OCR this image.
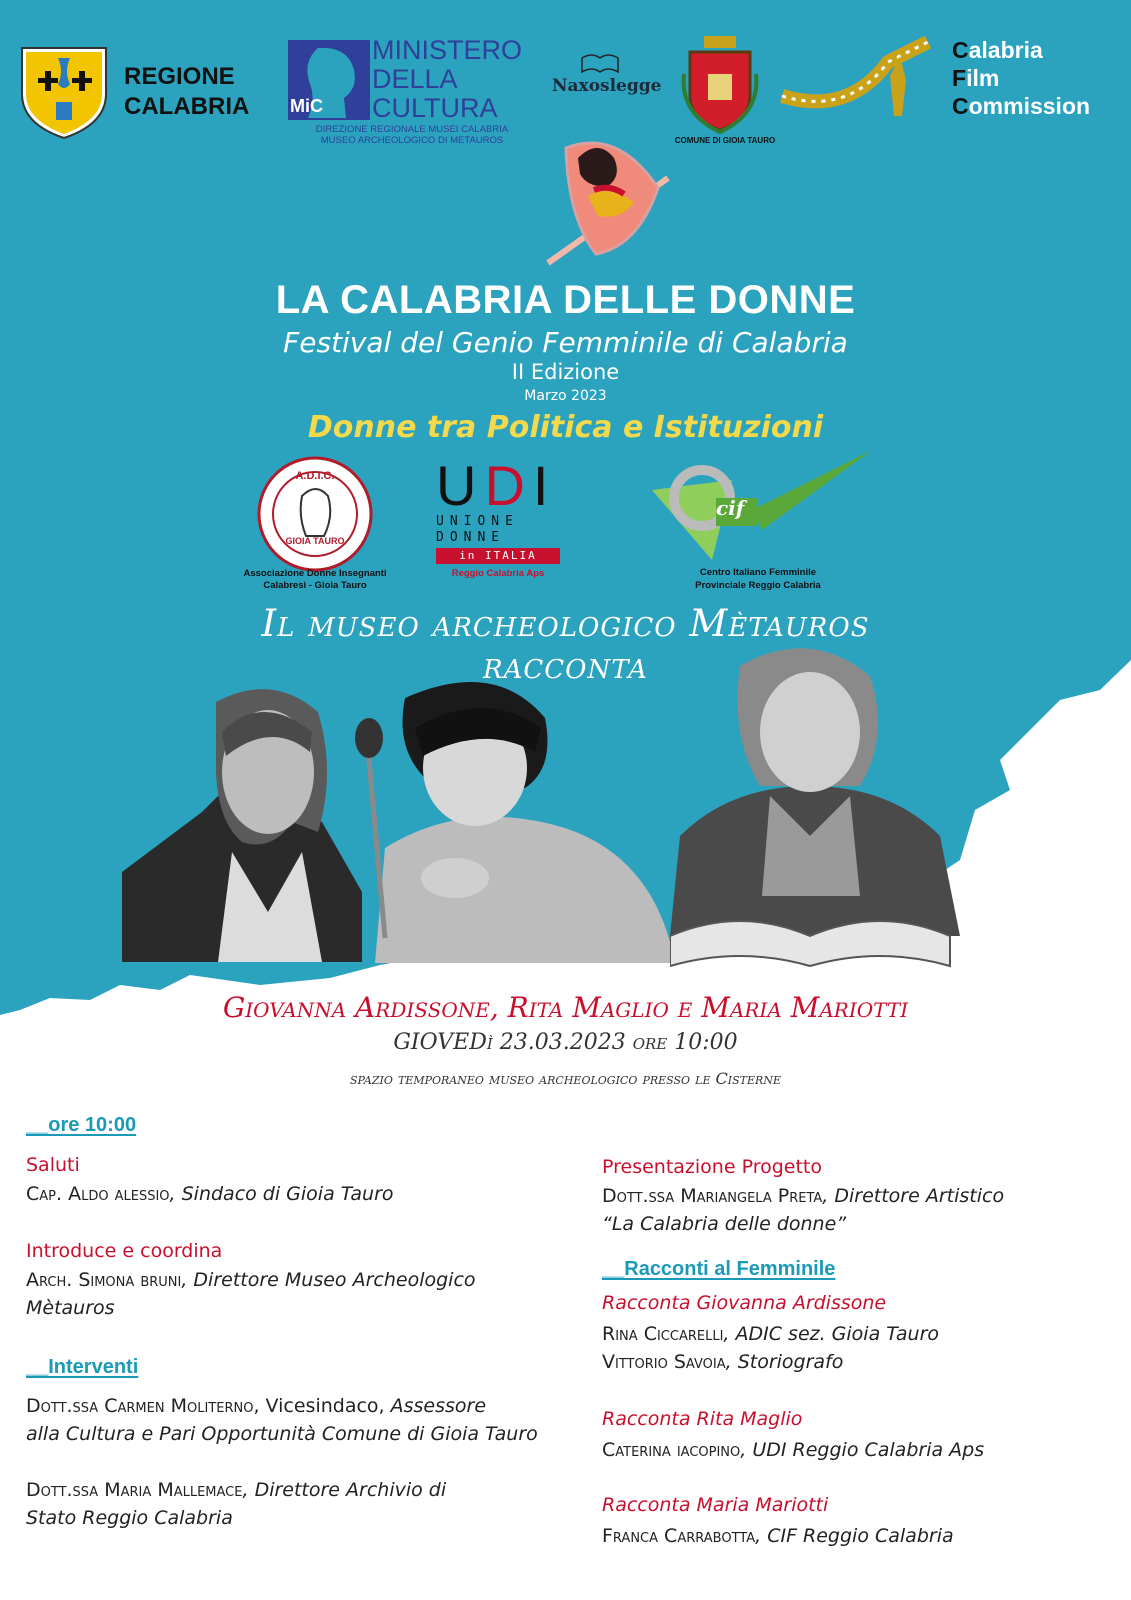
REGIONE
CALABRIA MiC
MINISTERO
DELLA
CULTURA
DIREZIONE REGIONALE MUSEI CALABRIA
MUSEO ARCHEOLOGICO DI METAUROS
Naxoslegge
COMUNE DI GIOIA TAURO
Calabria
Film
Commission
LA CALABRIA DELLE DONNE
Festival del Genio Femminile di Calabria
II Edizione
Marzo 2023
Donne tra Politica e Istituzioni
A.D.I.C.
GIOIA TAURO
Associazione Donne Insegnanti
Calabresi - Gioia Tauro
UDI
UNIONE
DONNE
in ITALIA
Reggio Calabria Aps
cif
Centro Italiano Femminile
Provinciale Reggio Calabria
Il museo archeologico Mètauros
racconta
Giovanna Ardissone, Rita Maglio e Maria Mariotti
GIOVEDì 23.03.2023 ore 10:00
spazio temporaneo museo archeologico presso le Cisterne
__ore 10:00
Saluti
Cap. Aldo alessio, Sindaco di Gioia Tauro
Introduce e coordina
Arch. Simona bruni, Direttore Museo Archeologico
Mètauros
__Interventi
Dott.ssa Carmen Moliterno, Vicesindaco, Assessore
alla Cultura e Pari Opportunità Comune di Gioia Tauro
Dott.ssa Maria Mallemace, Direttore Archivio di
Stato Reggio Calabria
Presentazione Progetto
Dott.ssa Mariangela Preta, Direttore Artistico
“La Calabria delle donne”
__Racconti al Femminile
Racconta Giovanna Ardissone
Rina Ciccarelli, ADIC sez. Gioia Tauro
Vittorio Savoia, Storiografo
Racconta Rita Maglio
Caterina iacopino, UDI Reggio Calabria Aps
Racconta Maria Mariotti
Franca Carrabotta, CIF Reggio Calabria
